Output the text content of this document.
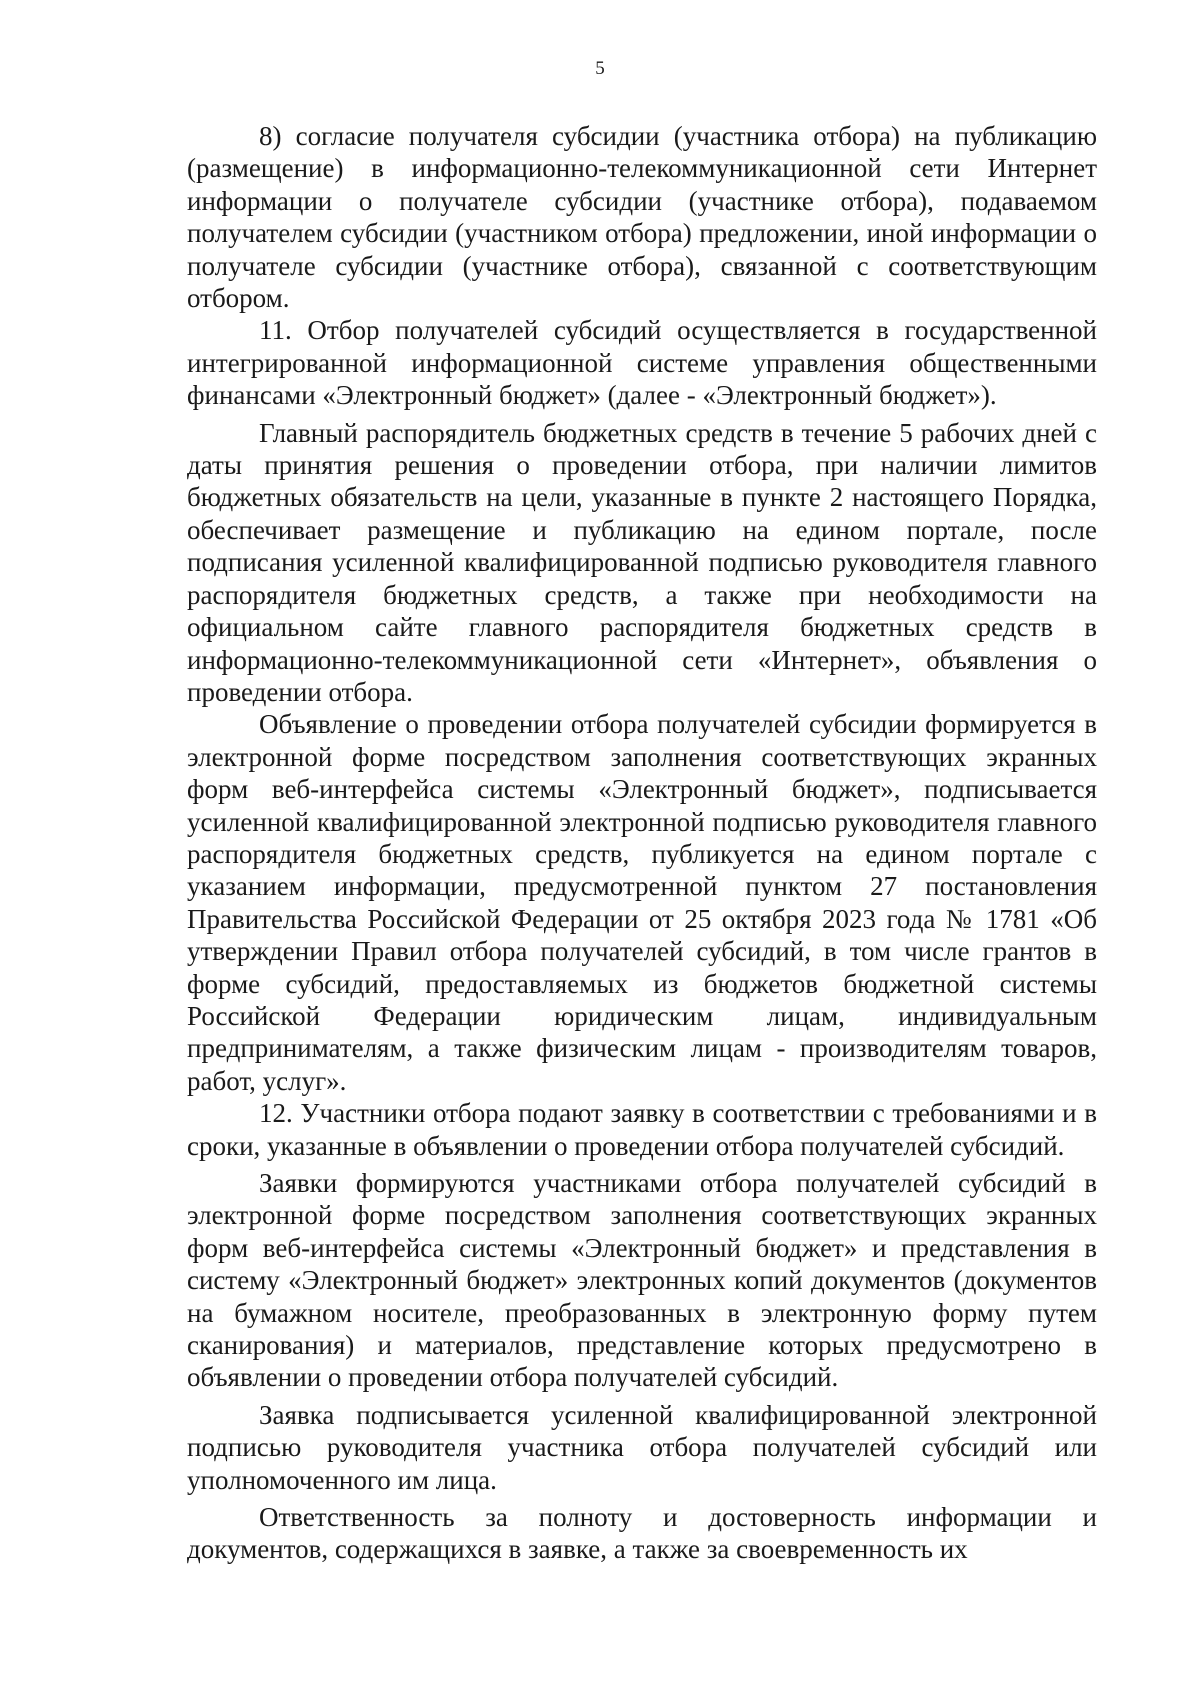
5

8) согласие получателя субсидии (участника отбора) на публикацию (размещение) в информационно-телекоммуникационной сети Интернет информации о получателе субсидии (участнике отбора), подаваемом получателем субсидии (участником отбора) предложении, иной информации о получателе субсидии (участнике отбора), связанной с соответствующим отбором.

11. Отбор получателей субсидий осуществляется в государственной интегрированной информационной системе управления общественными финансами «Электронный бюджет» (далее - «Электронный бюджет»).

Главный распорядитель бюджетных средств в течение 5 рабочих дней с даты принятия решения о проведении отбора, при наличии лимитов бюджетных обязательств на цели, указанные в пункте 2 настоящего Порядка, обеспечивает размещение и публикацию на едином портале, после подписания усиленной квалифицированной подписью руководителя главного распорядителя бюджетных средств, а также при необходимости на официальном сайте главного распорядителя бюджетных средств в информационно-телекоммуникационной сети «Интернет», объявления о проведении отбора.

Объявление о проведении отбора получателей субсидии формируется в электронной форме посредством заполнения соответствующих экранных форм веб-интерфейса системы «Электронный бюджет», подписывается усиленной квалифицированной электронной подписью руководителя главного распорядителя бюджетных средств, публикуется на едином портале с указанием информации, предусмотренной пунктом 27 постановления Правительства Российской Федерации от 25 октября 2023 года № 1781 «Об утверждении Правил отбора получателей субсидий, в том числе грантов в форме субсидий, предоставляемых из бюджетов бюджетной системы Российской Федерации юридическим лицам, индивидуальным предпринимателям, а также физическим лицам - производителям товаров, работ, услуг».

12. Участники отбора подают заявку в соответствии с требованиями и в сроки, указанные в объявлении о проведении отбора получателей субсидий.

Заявки формируются участниками отбора получателей субсидий в электронной форме посредством заполнения соответствующих экранных форм веб-интерфейса системы «Электронный бюджет» и представления в систему «Электронный бюджет» электронных копий документов (документов на бумажном носителе, преобразованных в электронную форму путем сканирования) и материалов, представление которых предусмотрено в объявлении о проведении отбора получателей субсидий.

Заявка подписывается усиленной квалифицированной электронной подписью руководителя участника отбора получателей субсидий или уполномоченного им лица.

Ответственность за полноту и достоверность информации и документов, содержащихся в заявке, а также за своевременность их
